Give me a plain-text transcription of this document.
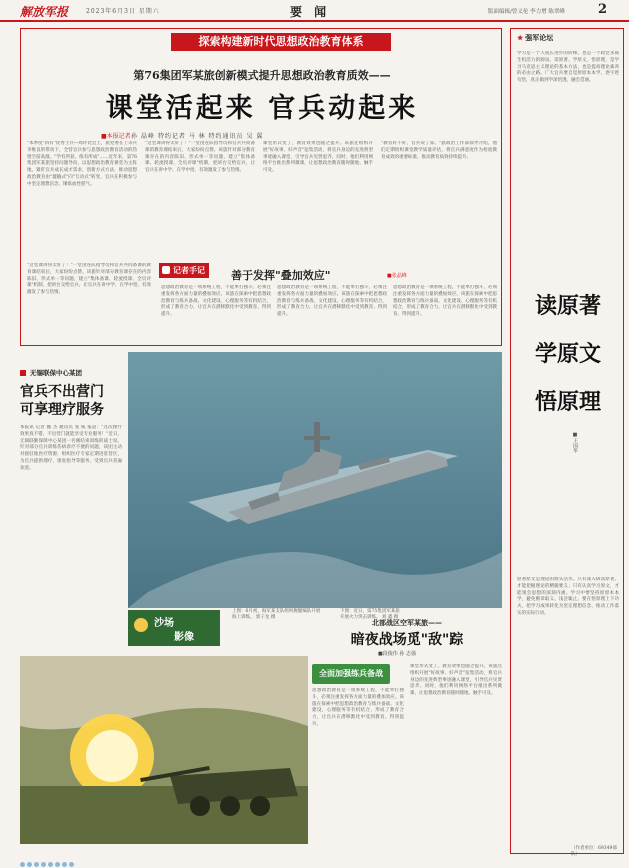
解放军报	2023年6月3日 星期六	要 闻	版面编辑/曾义伦 李力增 陈翠峰	2
探索构建新时代思想政治教育体系
第76集团军某旅创新模式提升思想政治教育质效——
课堂活起来 官兵动起来
■本报记者 孙 晶峰 特约记者 马 林 特约通讯员 吴 翼
"本季度"四有"优秀士兵—周评比会上，旅党委在上等兵李维良的带动下，全营官兵参与思想政治教育活动的热情空前高涨。"学有所获，练有所成"……近年来，第76集团军某旅坚持问题导向，以思想政治教育课堂为主阵地，紧盯官兵成长成才需求，创新方式方法，推动思想政治教育由"灌输式"向"互动式"转变，官兵在积极参与中坚定理想信念、锤炼血性胆气。
"这堂课讲得太好了！"一堂由连队指导员和官兵共同备课的教育课结束后，大家纷纷点赞。该旅针对部分教育课存在的内容陈旧、形式单一等问题，建立"集体备课、轮流授课、全员评课"机制，把讲台交给官兵，让官兵在讲中学、在学中悟，有效激发了参与热情。
课堂形式变了，教育效果也随之提升。该旅还组织开展"好故事、好声音"征集活动，将官兵身边的先进典型事迹融入课堂，引导官兵见贤思齐。同时，他们利用网络平台推出系列微课，让思想政治教育随时随地、触手可及。
"教育好不好，官兵说了算。"旅政治工作部领导介绍，他们定期组织课堂教学质量评估，将官兵满意度作为检验教育成效的重要标准，推动教育质效持续提升。
"这堂课讲得太好了！"一堂由连队指导员和官兵共同备课的教育课结束后，大家纷纷点赞。该旅针对部分教育课存在的内容陈旧、形式单一等问题，建立"集体备课、轮流授课、全员评课"机制，把讲台交给官兵，让官兵在讲中学、在学中悟，有效激发了参与热情。
记者手记	善于发挥"叠加效应"	■张晶峰
思想政治教育是一项系统工程，不能单打独斗，必须注重发挥各方面力量的叠加效应。该旅在探索中把思想政治教育与练兵备战、文化建设、心理服务等有机结合，形成了教育合力，让官兵在潜移默化中受到教育、得到提升。
思想政治教育是一项系统工程，不能单打独斗，必须注重发挥各方面力量的叠加效应。该旅在探索中把思想政治教育与练兵备战、文化建设、心理服务等有机结合，形成了教育合力，让官兵在潜移默化中受到教育、得到提升。
思想政治教育是一项系统工程，不能单打独斗，必须注重发挥各方面力量的叠加效应。该旅在探索中把思想政治教育与练兵备战、文化建设、心理服务等有机结合，形成了教育合力，让官兵在潜移默化中受到教育、得到提升。
★ 强军论坛
学习是一个人成长进步的阶梯，也是一个政党永葆生机活力的源泉。读原著、学原文、悟原理，是学习马克思主义理论的基本方法，也是提高理论素养的必由之路。广大官兵要自觉原原本本学、逐字逐句悟，真正做到学深悟透、融会贯通。
读原著
学原文
悟原理
原著原文是理论的源头活水。只有深入研读原著，才能把握理论的精髓要义；只有认真学习原文，才能领会思想的深刻内涵。学习中要坚持原原本本学，避免断章取义、浅尝辄止。要在悟原理上下功夫，把学习成果转化为坚定理想信念、推动工作落实的实际行动。
（作者单位：69349部队）
■王国华
无锡联保中心某团
官兵不出营门 可享理疗服务
本报讯 记者 魏 杰 通讯员 张 威 报道："这次理疗效果真不错，不出营门就能享受专业服务！"近日，无锡联勤保障中心某团一名刚结束训练的战士说。针对部分官兵训练伤病诊疗不便的问题，该团主动对接驻地医疗资源，组织医疗专家定期进驻营区，为官兵提供理疗、康复指导等服务，受到官兵普遍欢迎。
沙场
影像
上图：6月初，海军某支队组织舰艇编队开展海上训练。 郭子龙 摄
下图：近日，第75集团军某旅开展火力突击训练。 刘 鑫 摄
北部战区空军某旅——
暗夜战场觅"敌"踪
■段俊伟 孙 志强
全面加强练兵备战
思想政治教育是一项系统工程，不能单打独斗，必须注重发挥各方面力量的叠加效应。该旅在探索中把思想政治教育与练兵备战、文化建设、心理服务等有机结合，形成了教育合力，让官兵在潜移默化中受到教育、得到提升。
课堂形式变了，教育效果也随之提升。该旅还组织开展"好故事、好声音"征集活动，将官兵身边的先进典型事迹融入课堂，引导官兵见贤思齐。同时，他们利用网络平台推出系列微课，让思想政治教育随时随地、触手可及。
